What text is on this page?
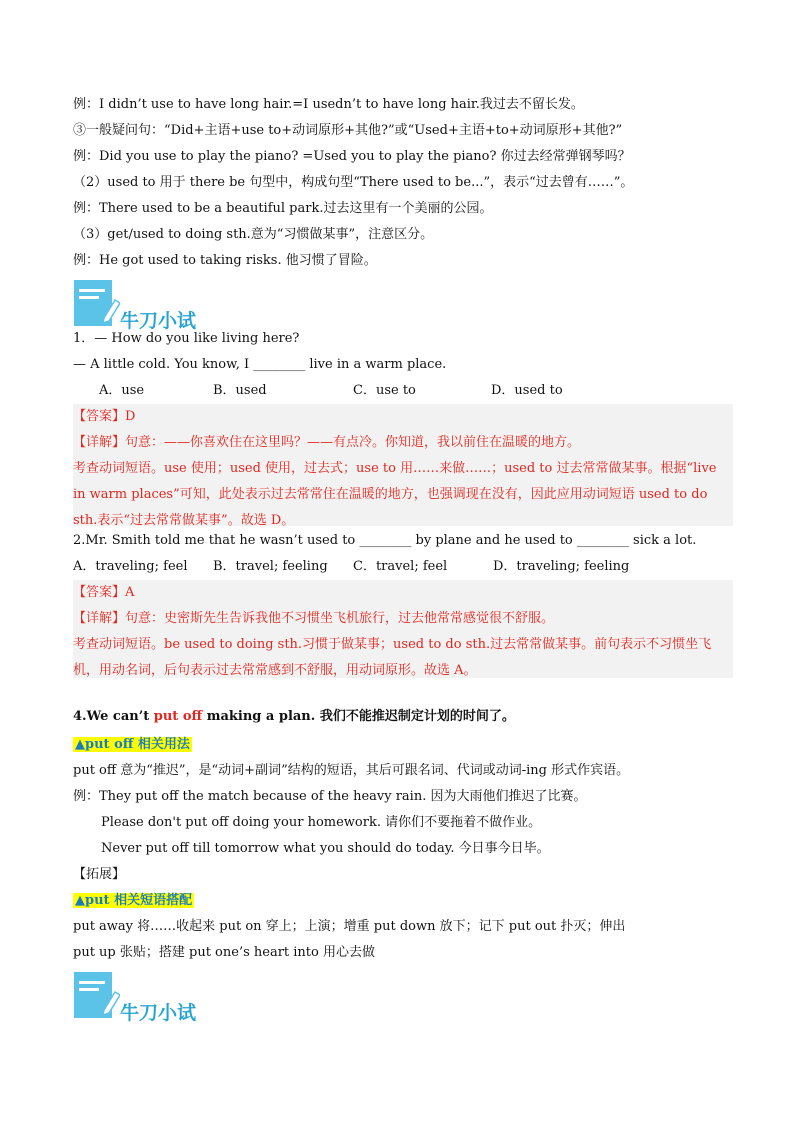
例：I didn’t use to have long hair.=I usedn’t to have long hair.我过去不留长发。
③一般疑问句：“Did+主语+use to+动词原形+其他?”或“Used+主语+to+动词原形+其他?”
例：Did you use to play the piano? =Used you to play the piano? 你过去经常弹钢琴吗？
（2）used to 用于 there be 句型中，构成句型“There used to be...”，表示“过去曾有……”。
例：There used to be a beautiful park.过去这里有一个美丽的公园。
（3）get/used to doing sth.意为“习惯做某事”，注意区分。
例：He got used to taking risks. 他习惯了冒险。
牛刀小试
1．— How do you like living here?
— A little cold. You know, I ________ live in a warm place.
A．use	B．used	C．use to	D．used to
【答案】D
【详解】句意：——你喜欢住在这里吗？——有点冷。你知道，我以前住在温暖的地方。
考查动词短语。use 使用；used 使用，过去式；use to 用……来做……；used to 过去常常做某事。根据“live in warm places”可知，此处表示过去常常住在温暖的地方，也强调现在没有，因此应用动词短语 used to do sth.表示“过去常常做某事”。故选 D。
2.Mr. Smith told me that he wasn’t used to ________ by plane and he used to ________ sick a lot.
A．traveling; feel B．travel; feeling C．travel; feel	D．traveling; feeling
【答案】A
【详解】句意：史密斯先生告诉我他不习惯坐飞机旅行，过去他常常感觉很不舒服。
考查动词短语。be used to doing sth.习惯于做某事；used to do sth.过去常常做某事。前句表示不习惯坐飞机，用动名词，后句表示过去常常感到不舒服，用动词原形。故选 A。
4.We can’t put off making a plan. 我们不能推迟制定计划的时间了。
▲put off 相关用法
put off 意为“推迟”，是“动词+副词”结构的短语，其后可跟名词、代词或动词-ing 形式作宾语。
例：They put off the match because of the heavy rain. 因为大雨他们推迟了比赛。
Please don't put off doing your homework. 请你们不要拖着不做作业。
Never put off till tomorrow what you should do today. 今日事今日毕。
【拓展】
▲put 相关短语搭配
put away 将……收起来 put on 穿上；上演；增重 put down 放下；记下 put out 扑灭；伸出
put up 张贴；搭建 put one’s heart into 用心去做
牛刀小试
